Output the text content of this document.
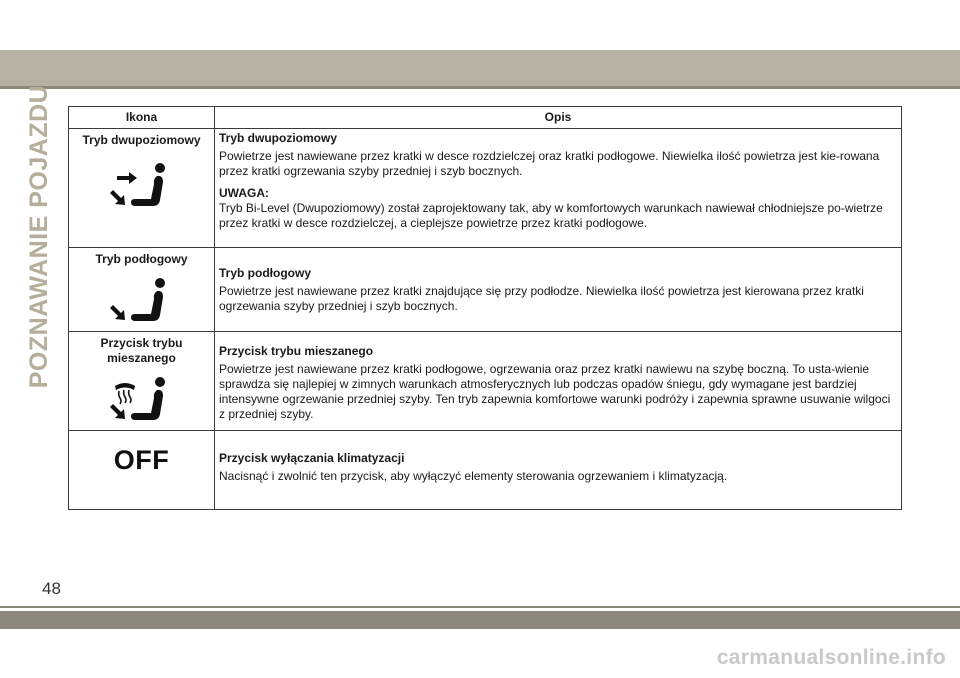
POZNAWANIE POJAZDU	Ikona	Opis

Tryb dwupoziomowy	Tryb dwupoziomowy

Powietrze jest nawiewane przez kratki w desce rozdzielczej oraz kratki podłogowe. Niewielka ilość powietrza jest kie-rowana przez kratki ogrzewania szyby przedniej i szyb bocznych.

UWAGA:

Tryb Bi-Level (Dwupoziomowy) został zaprojektowany tak, aby w komfortowych warunkach nawiewał chłodniejsze po-wietrze przez kratki w desce rozdzielczej, a cieplejsze powietrze przez kratki podłogowe.

Tryb podłogowy	Tryb podłogowy

Powietrze jest nawiewane przez kratki znajdujące się przy podłodze. Niewielka ilość powietrza jest kierowana przez kratki ogrzewania szyby przedniej i szyb bocznych.

Przycisk trybu mieszanego	Przycisk trybu mieszanego

Powietrze jest nawiewane przez kratki podłogowe, ogrzewania oraz przez kratki nawiewu na szybę boczną. To usta-wienie sprawdza się najlepiej w zimnych warunkach atmosferycznych lub podczas opadów śniegu, gdy wymagane jest bardziej intensywne ogrzewanie przedniej szyby. Ten tryb zapewnia komfortowe warunki podróży i zapewnia sprawne usuwanie wilgoci z przedniej szyby.

OFF	Przycisk wyłączania klimatyzacji

Nacisnąć i zwolnić ten przycisk, aby wyłączyć elementy sterowania ogrzewaniem i klimatyzacją.

48
carmanualsonline.info
